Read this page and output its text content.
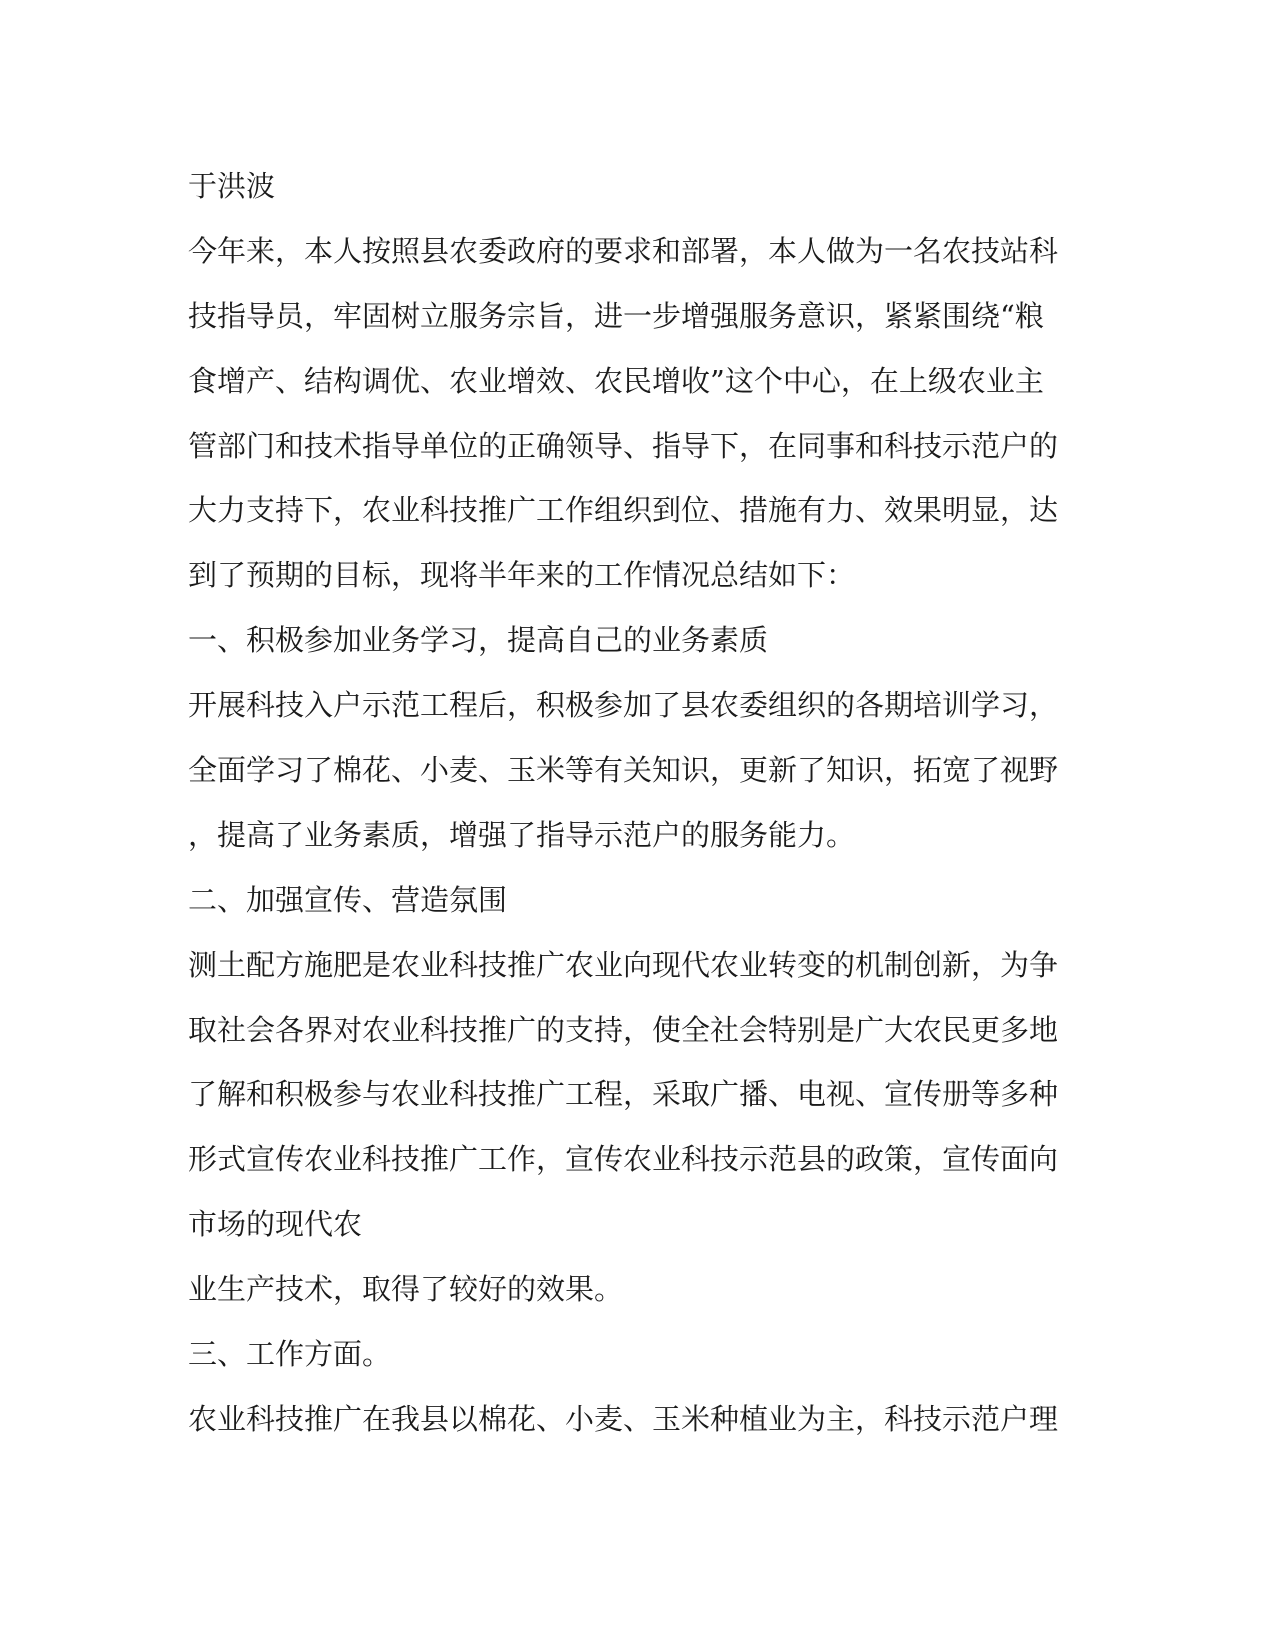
于洪波

今年来，本人按照县农委政府的要求和部署，本人做为一名农技站科

技指导员，牢固树立服务宗旨，进一步增强服务意识，紧紧围绕“粮

食增产、结构调优、农业增效、农民增收”这个中心，在上级农业主

管部门和技术指导单位的正确领导、指导下，在同事和科技示范户的

大力支持下，农业科技推广工作组织到位、措施有力、效果明显，达

到了预期的目标，现将半年来的工作情况总结如下：

一、积极参加业务学习，提高自己的业务素质

开展科技入户示范工程后，积极参加了县农委组织的各期培训学习，

全面学习了棉花、小麦、玉米等有关知识，更新了知识，拓宽了视野

，提高了业务素质，增强了指导示范户的服务能力。

二、加强宣传、营造氛围

测土配方施肥是农业科技推广农业向现代农业转变的机制创新，为争

取社会各界对农业科技推广的支持，使全社会特别是广大农民更多地

了解和积极参与农业科技推广工程，采取广播、电视、宣传册等多种

形式宣传农业科技推广工作，宣传农业科技示范县的政策，宣传面向

市场的现代农

业生产技术，取得了较好的效果。

三、工作方面。

农业科技推广在我县以棉花、小麦、玉米种植业为主，科技示范户理
